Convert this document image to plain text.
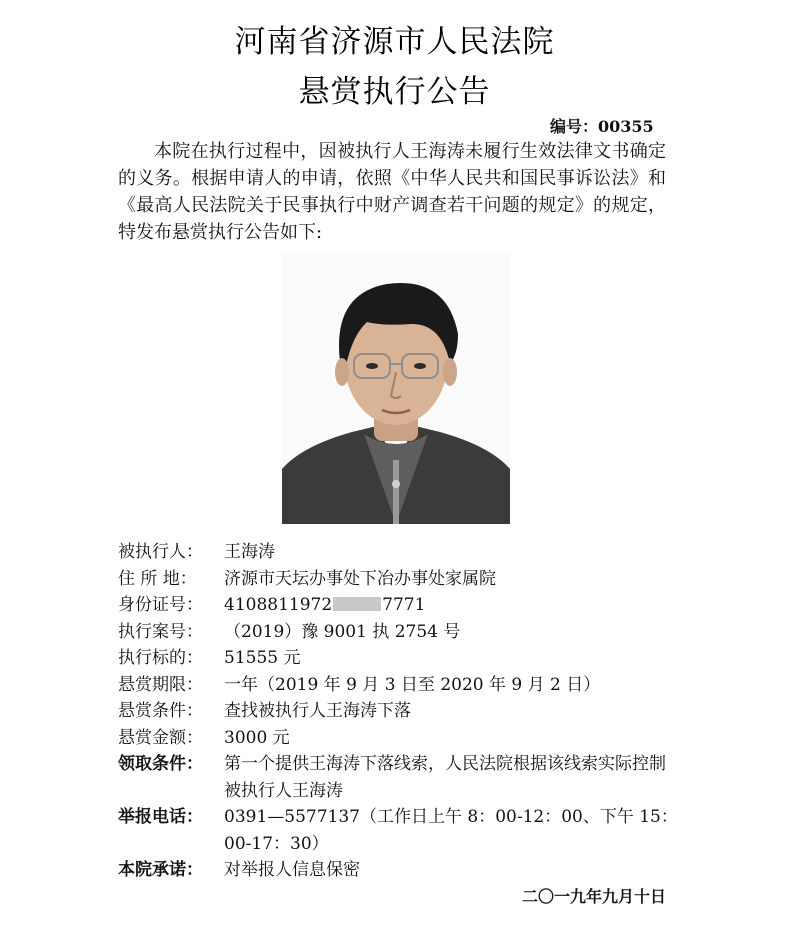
河南省济源市人民法院
悬赏执行公告
编号：00355
本院在执行过程中，因被执行人王海涛未履行生效法律文书确定的义务。根据申请人的申请，依照《中华人民共和国民事诉讼法》和《最高人民法院关于民事执行中财产调查若干问题的规定》的规定，特发布悬赏执行公告如下:
被执行人：	王海涛
住 所 地：	济源市天坛办事处下冶办事处家属院
身份证号：	4108811972	7771
执行案号：	（2019）豫 9001 执 2754 号
执行标的：	51555 元
悬赏期限：	一年（2019 年 9 月 3 日至 2020 年 9 月 2 日）
悬赏条件：	查找被执行人王海涛下落
悬赏金额：	3000 元
领取条件：	第一个提供王海涛下落线索，人民法院根据该线索实际控制被执行人王海涛
举报电话：	0391—5577137（工作日上午 8：00-12：00、下午 15：00-17：30）
本院承诺：	对举报人信息保密
二〇一九年九月十日
